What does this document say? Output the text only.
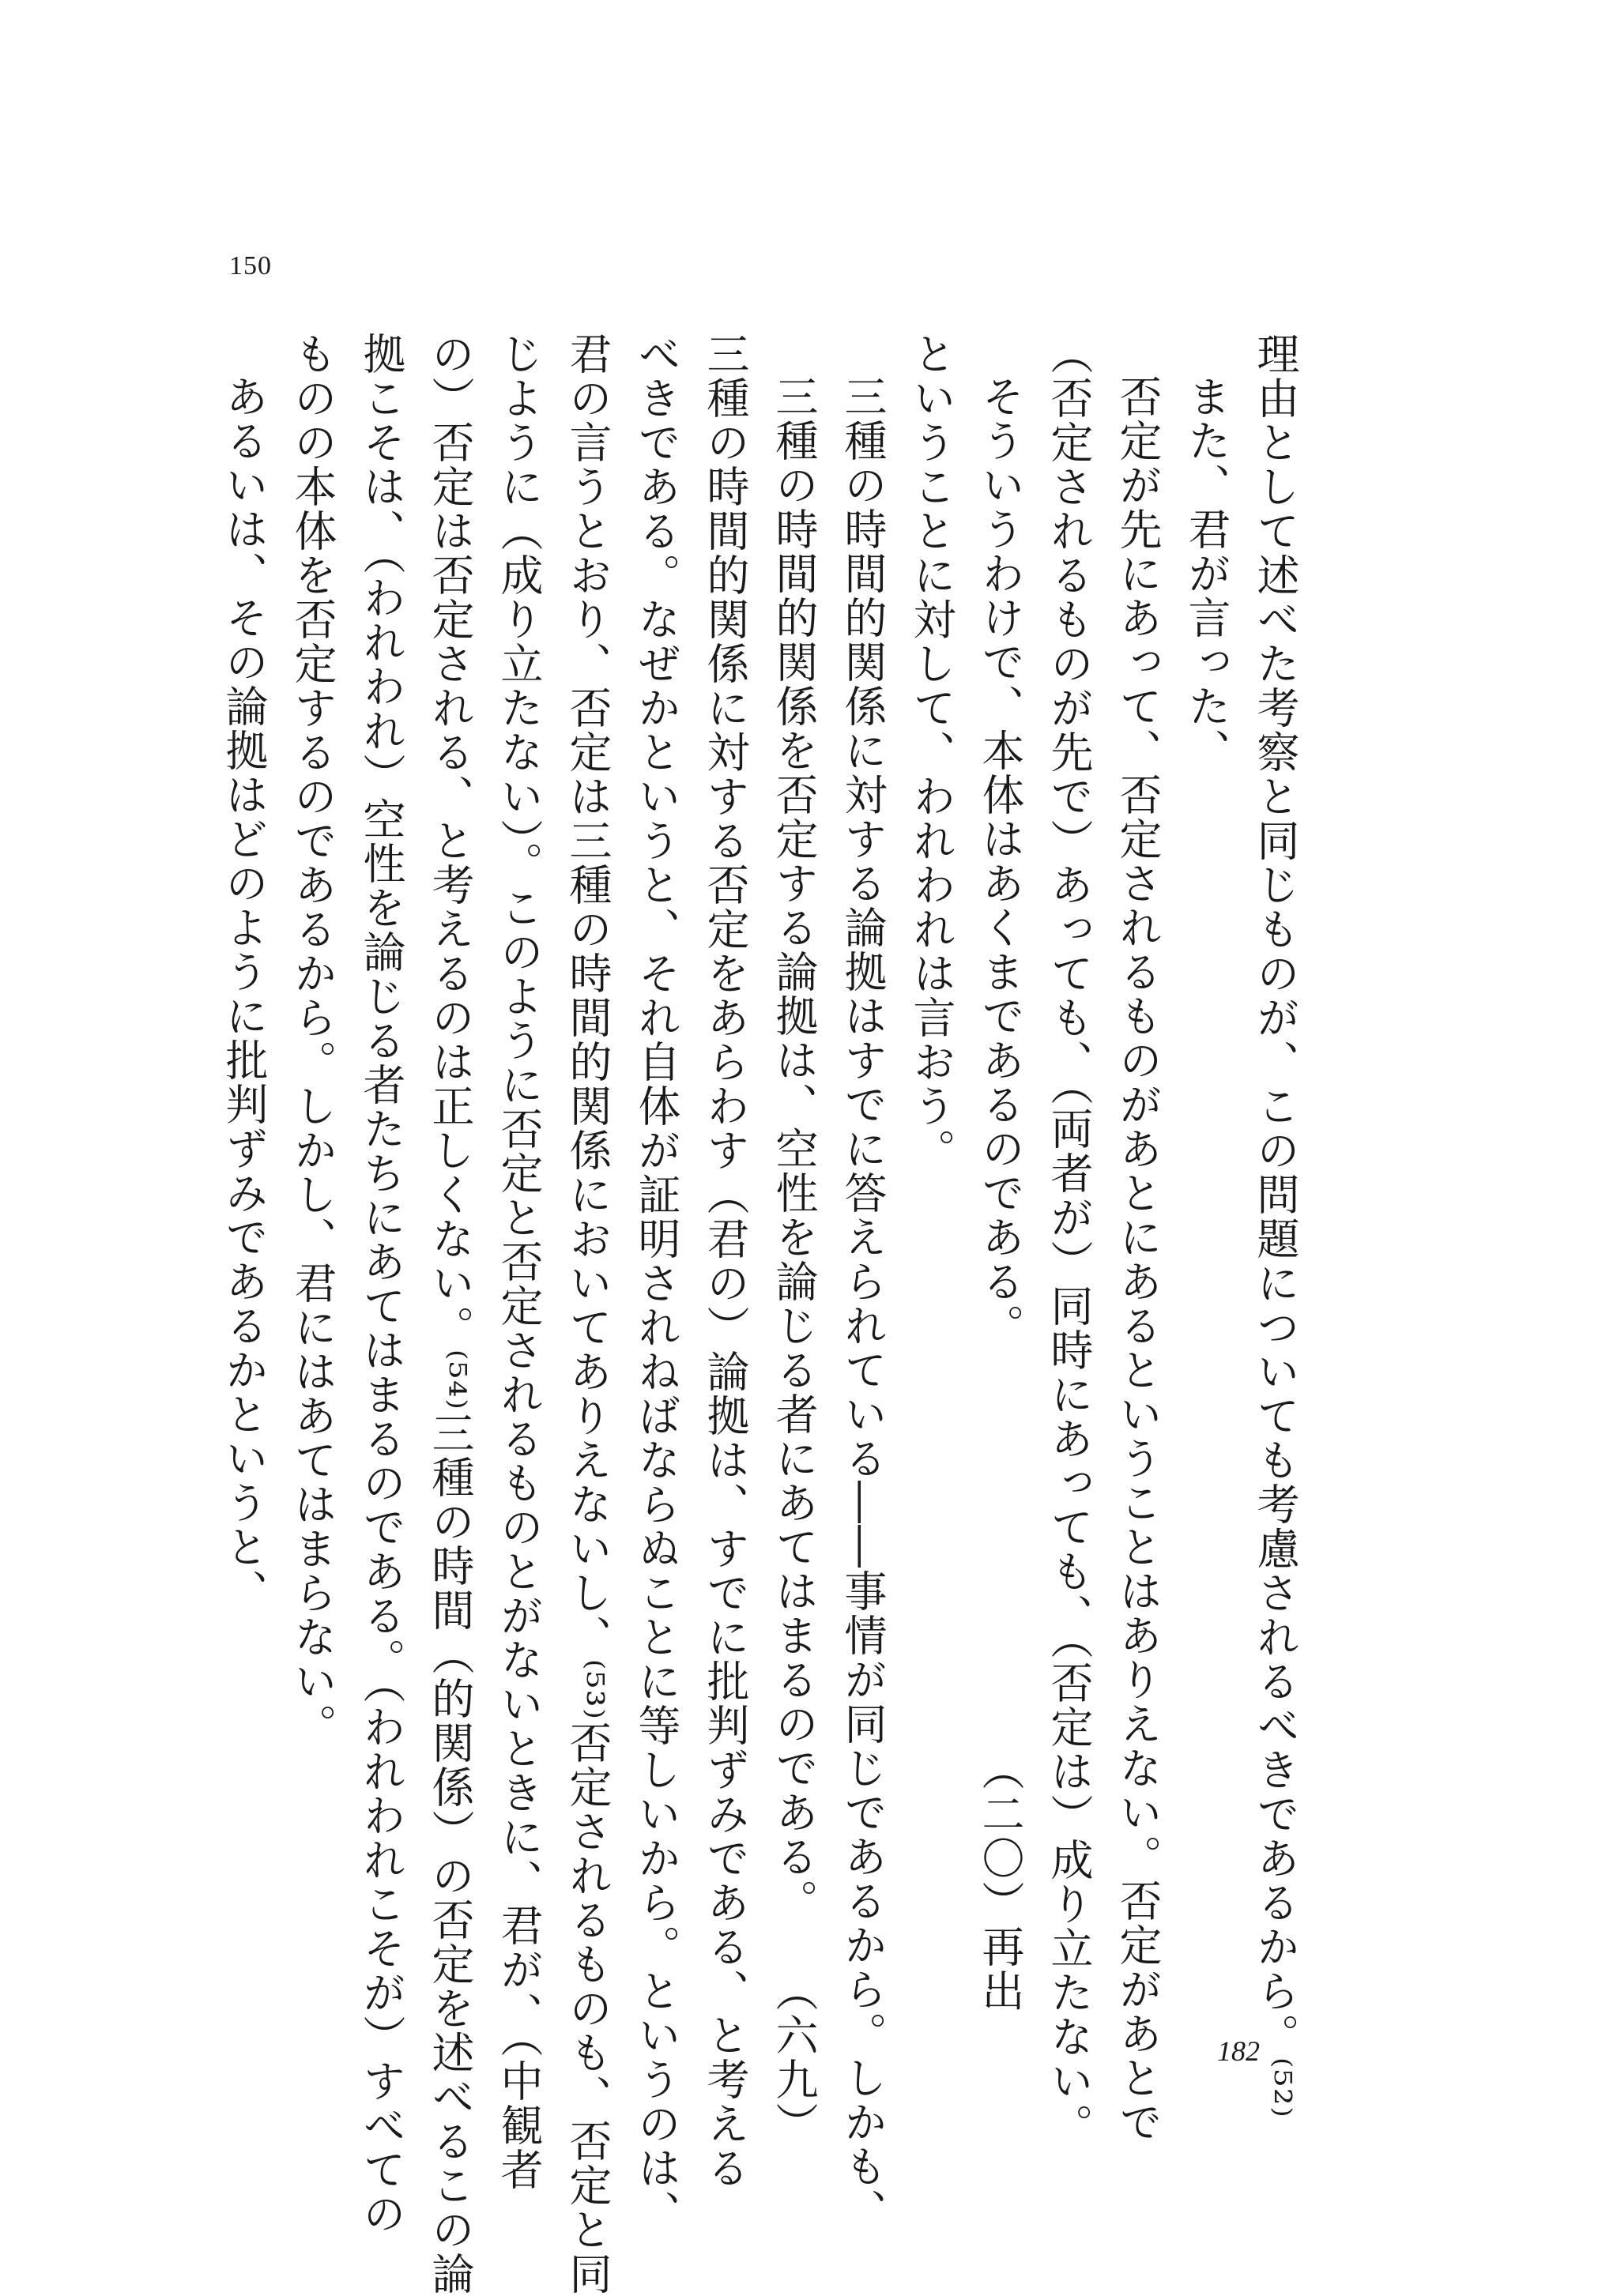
150
理由として述べた考察と同じものが、この問題についても考慮されるべきであるから。⁽⁵²⁾
また、君が言った、
否定が先にあって、否定されるものがあとにあるということはありえない。否定があとで
（否定されるものが先で）あっても、（両者が）同時にあっても、（否定は）成り立たない。
そういうわけで、本体はあくまであるのである。　　　　　　　　　　（二〇）再出
ということに対して、われわれは言おう。
三種の時間的関係に対する論拠はすでに答えられている――事情が同じであるから。しかも、
三種の時間的関係を否定する論拠は、空性を論じる者にあてはまるのである。　　（六九）
三種の時間的関係に対する否定をあらわす（君の）論拠は、すでに批判ずみである、と考える
べきである。なぜかというと、それ自体が証明されねばならぬことに等しいから。というのは、
君の言うとおり、否定は三種の時間的関係においてありえないし、⁽⁵³⁾否定されるものも、否定と同
じように（成り立たない）。このように否定と否定されるものとがないときに、君が、（中観者
の）否定は否定される、と考えるのは正しくない。⁽⁵⁴⁾三種の時間（的関係）の否定を述べるこの論
拠こそは、（われわれ）空性を論じる者たちにあてはまるのである。（われわれこそが）すべての
ものの本体を否定するのであるから。しかし、君にはあてはまらない。
あるいは、その論拠はどのように批判ずみであるかというと、
182
